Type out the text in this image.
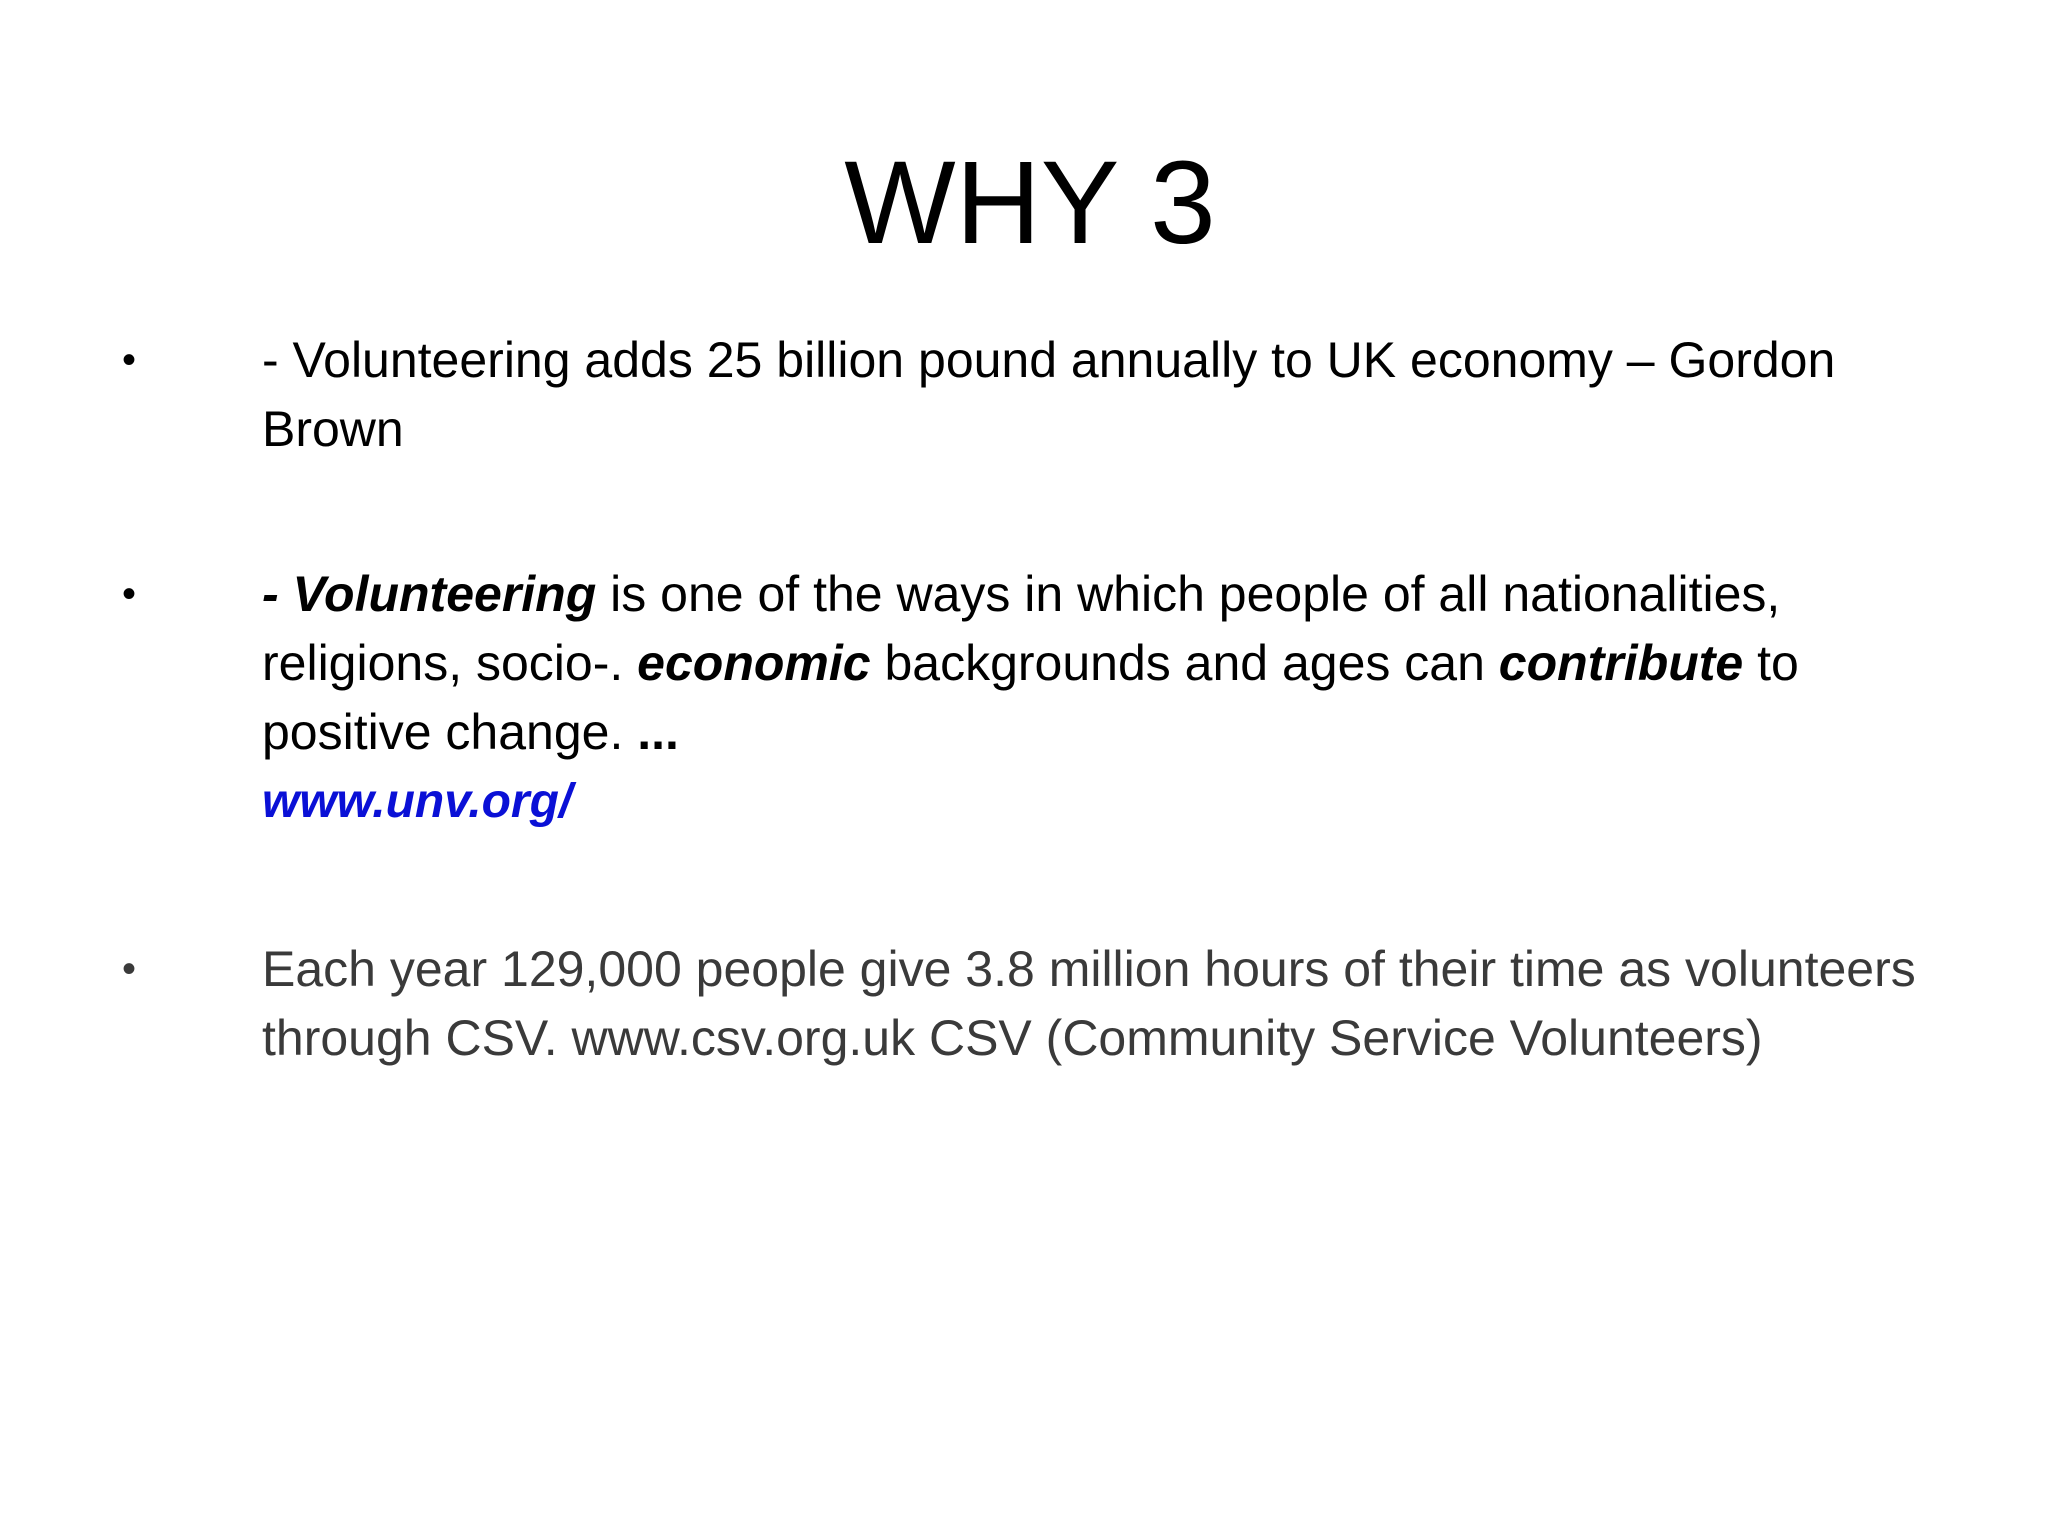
WHY 3
•	- Volunteering adds 25 billion pound annually to UK economy – Gordon Brown
•	- Volunteering is one of the ways in which people of all nationalities, religions, socio-. economic backgrounds and ages can contribute to positive change. ...
www.unv.org/
•	Each year 129,000 people give 3.8 million hours of their time as volunteers through CSV. www.csv.org.uk CSV (Community Service Volunteers)
